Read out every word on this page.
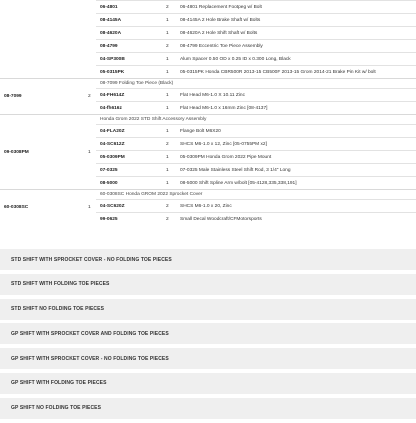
		06-4801	2	06-4801 Replacement Footpeg w/ Bolt
		08-4145A	1	08-4145A 2 Hole Brake Shaft w/ Bolts
		08-4620A	1	08-4620A 2 Hole Shift Shaft w/ Bolts
		08-4799	2	08-4799 Eccentric Toe Piece Assembly
		04-SP300B	1	Alum Spacer 0.50 OD x 0.25 ID x 0.300 Long, Black
		05-0315PK	1	05-0315PK Honda CBR500R 2013-15 CB500F 2013-15 Grom 2014-21 Brake Pin Kit w/ bolt
08-7099	2	08-7099 Folding Toe Piece (Black)		
		04-FH614Z	1	Flat Head M6-1.0 X 10.11 Zinc
		04-fh616z	1	Flat Head M6-1.0 x 16mm Zinc [08-4137]
09-0308PM	1	Honda Grom 2022 STD Shift Accessory Assembly		
		04-FLA20Z	1	Flange Bolt M6X20
		04-SC612Z	2	SHCS M6-1.0 x 12, Zinc [05-0755PM x2]
		05-0309PM	1	05-0309PM Honda Grom 2022 Pipe Mount
		07-0325	1	07-0325 Male Stainless Steel Shift Rod, 3 1/4" Long
		08-5000	1	08-5000 Shift Spline Arm w/bolt [05-4128,335,338,191]
60-0308SC	1	60-0308SC Honda GROM 2022 Sprocket Cover		
		04-SC620Z	2	SHCS M6-1.0 x 20, Zinc
		99-0625	2	Small Decal Woodcraft/CFMotorsports
STD SHIFT WITH SPROCKET COVER - NO FOLDING TOE PIECES
STD SHIFT WITH FOLDING TOE PIECES
STD SHIFT NO FOLDING TOE PIECES
GP SHIFT WITH SPROCKET COVER AND FOLDING TOE PIECES
GP SHIFT WITH SPROCKET COVER - NO FOLDING TOE PIECES
GP SHIFT WITH FOLDING TOE PIECES
GP SHIFT NO FOLDING TOE PIECES
